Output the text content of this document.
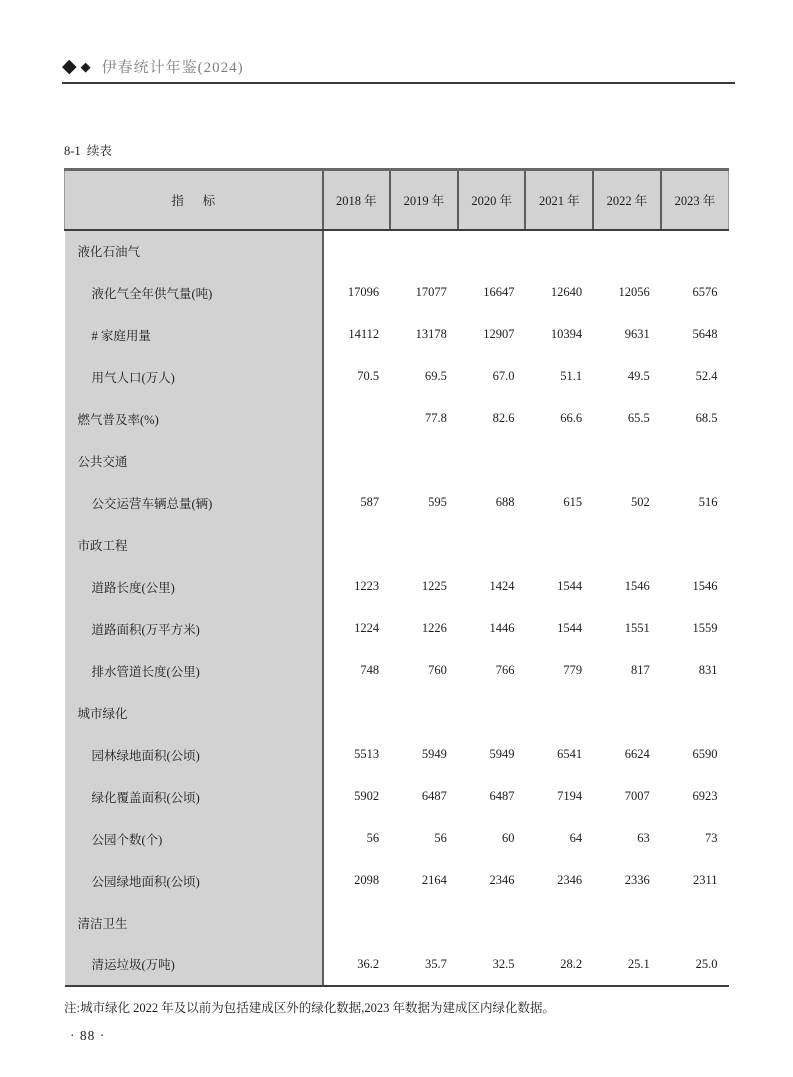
◆ ◆ 伊春统计年鉴(2024)
8-1  续表
指      标	2018 年	2019 年	2020 年	2021 年	2022 年	2023 年
液化石油气						
液化气全年供气量(吨)	17096	17077	16647	12640	12056	6576
# 家庭用量	14112	13178	12907	10394	9631	5648
用气人口(万人)	70.5	69.5	67.0	51.1	49.5	52.4
燃气普及率(%)		77.8	82.6	66.6	65.5	68.5
公共交通						
公交运营车辆总量(辆)	587	595	688	615	502	516
市政工程						
道路长度(公里)	1223	1225	1424	1544	1546	1546
道路面积(万平方米)	1224	1226	1446	1544	1551	1559
排水管道长度(公里)	748	760	766	779	817	831
城市绿化						
园林绿地面积(公顷)	5513	5949	5949	6541	6624	6590
绿化覆盖面积(公顷)	5902	6487	6487	7194	7007	6923
公园个数(个)	56	56	60	64	63	73
公园绿地面积(公顷)	2098	2164	2346	2346	2336	2311
清洁卫生						
清运垃圾(万吨)	36.2	35.7	32.5	28.2	25.1	25.0
注:城市绿化 2022 年及以前为包括建成区外的绿化数据,2023 年数据为建成区内绿化数据。
· 88 ·
